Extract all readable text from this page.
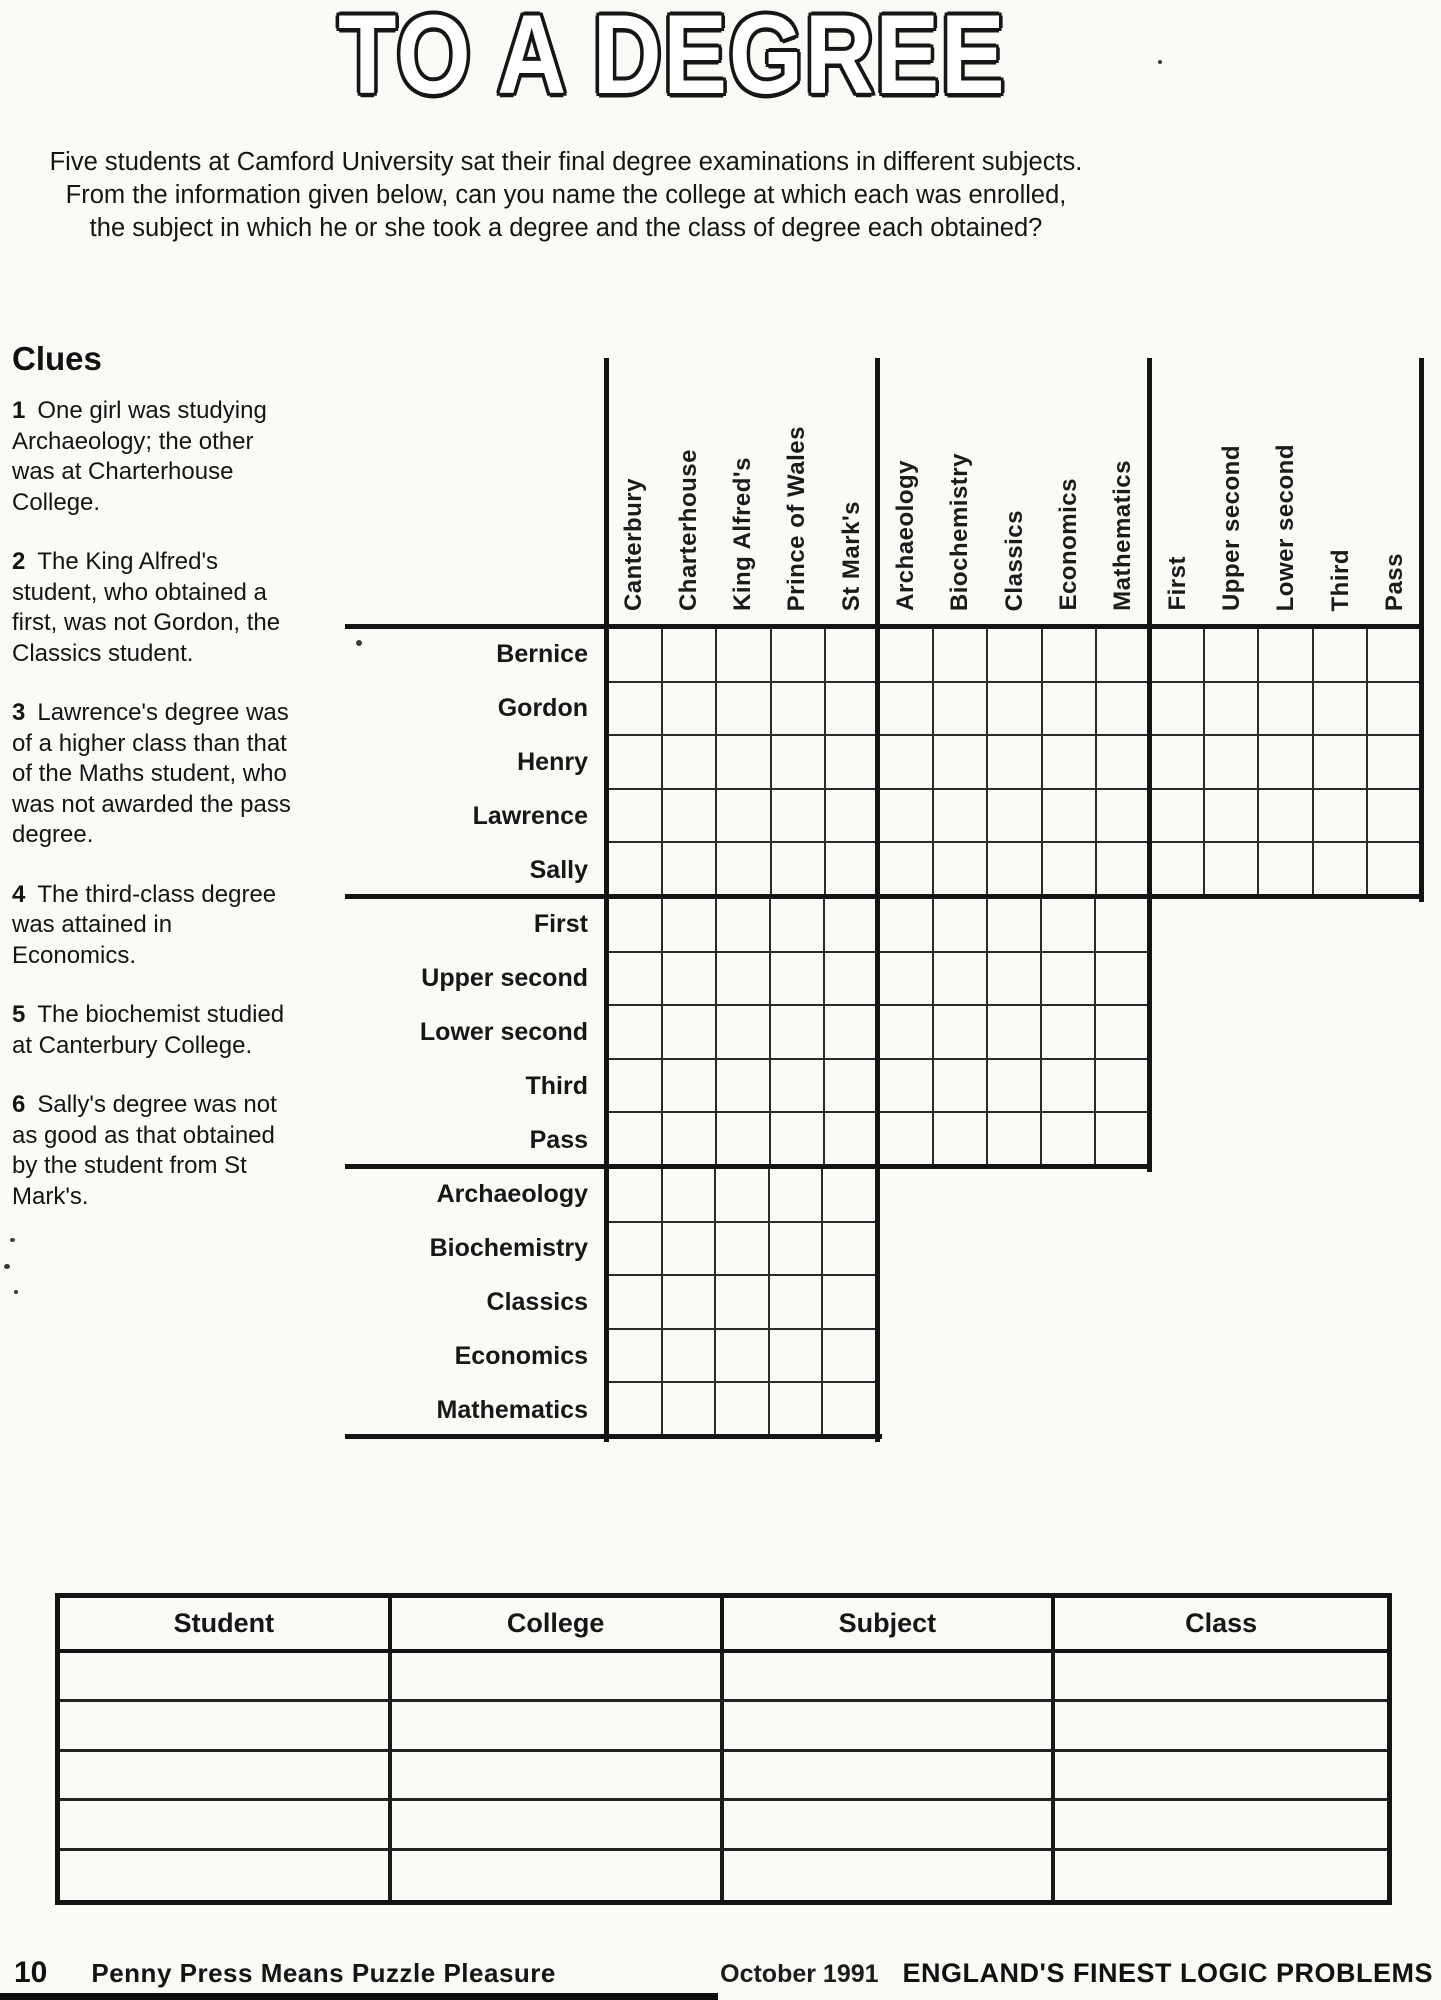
TO A DEGREE
Five students at Camford University sat their final degree examinations in different subjects.
From the information given below, can you name the college at which each was enrolled,
the subject in which he or she took a degree and the class of degree each obtained?
Clues

1 One girl was studying Archaeology; the other was at Charterhouse College.

2 The King Alfred's student, who obtained a first, was not Gordon, the Classics student.

3 Lawrence's degree was of a higher class than that of the Maths student, who was not awarded the pass degree.

4 The third-class degree was attained in Economics.

5 The biochemist studied at Canterbury College.

6 Sally's degree was not as good as that obtained by the student from St Mark's.

Canterbury Charterhouse King Alfred's Prince of Wales St Mark's Archaeology Biochemistry Classics Economics Mathematics First Upper second Lower second Third Pass
Bernice
Gordon
Henry
Lawrence
Sally
First
Upper second
Lower second
Third
Pass
Archaeology
Biochemistry
Classics
Economics
Mathematics
Student	College	Subject	Class
10 Penny Press Means Puzzle Pleasure	October 1991 ENGLAND'S FINEST LOGIC PROBLEMS
